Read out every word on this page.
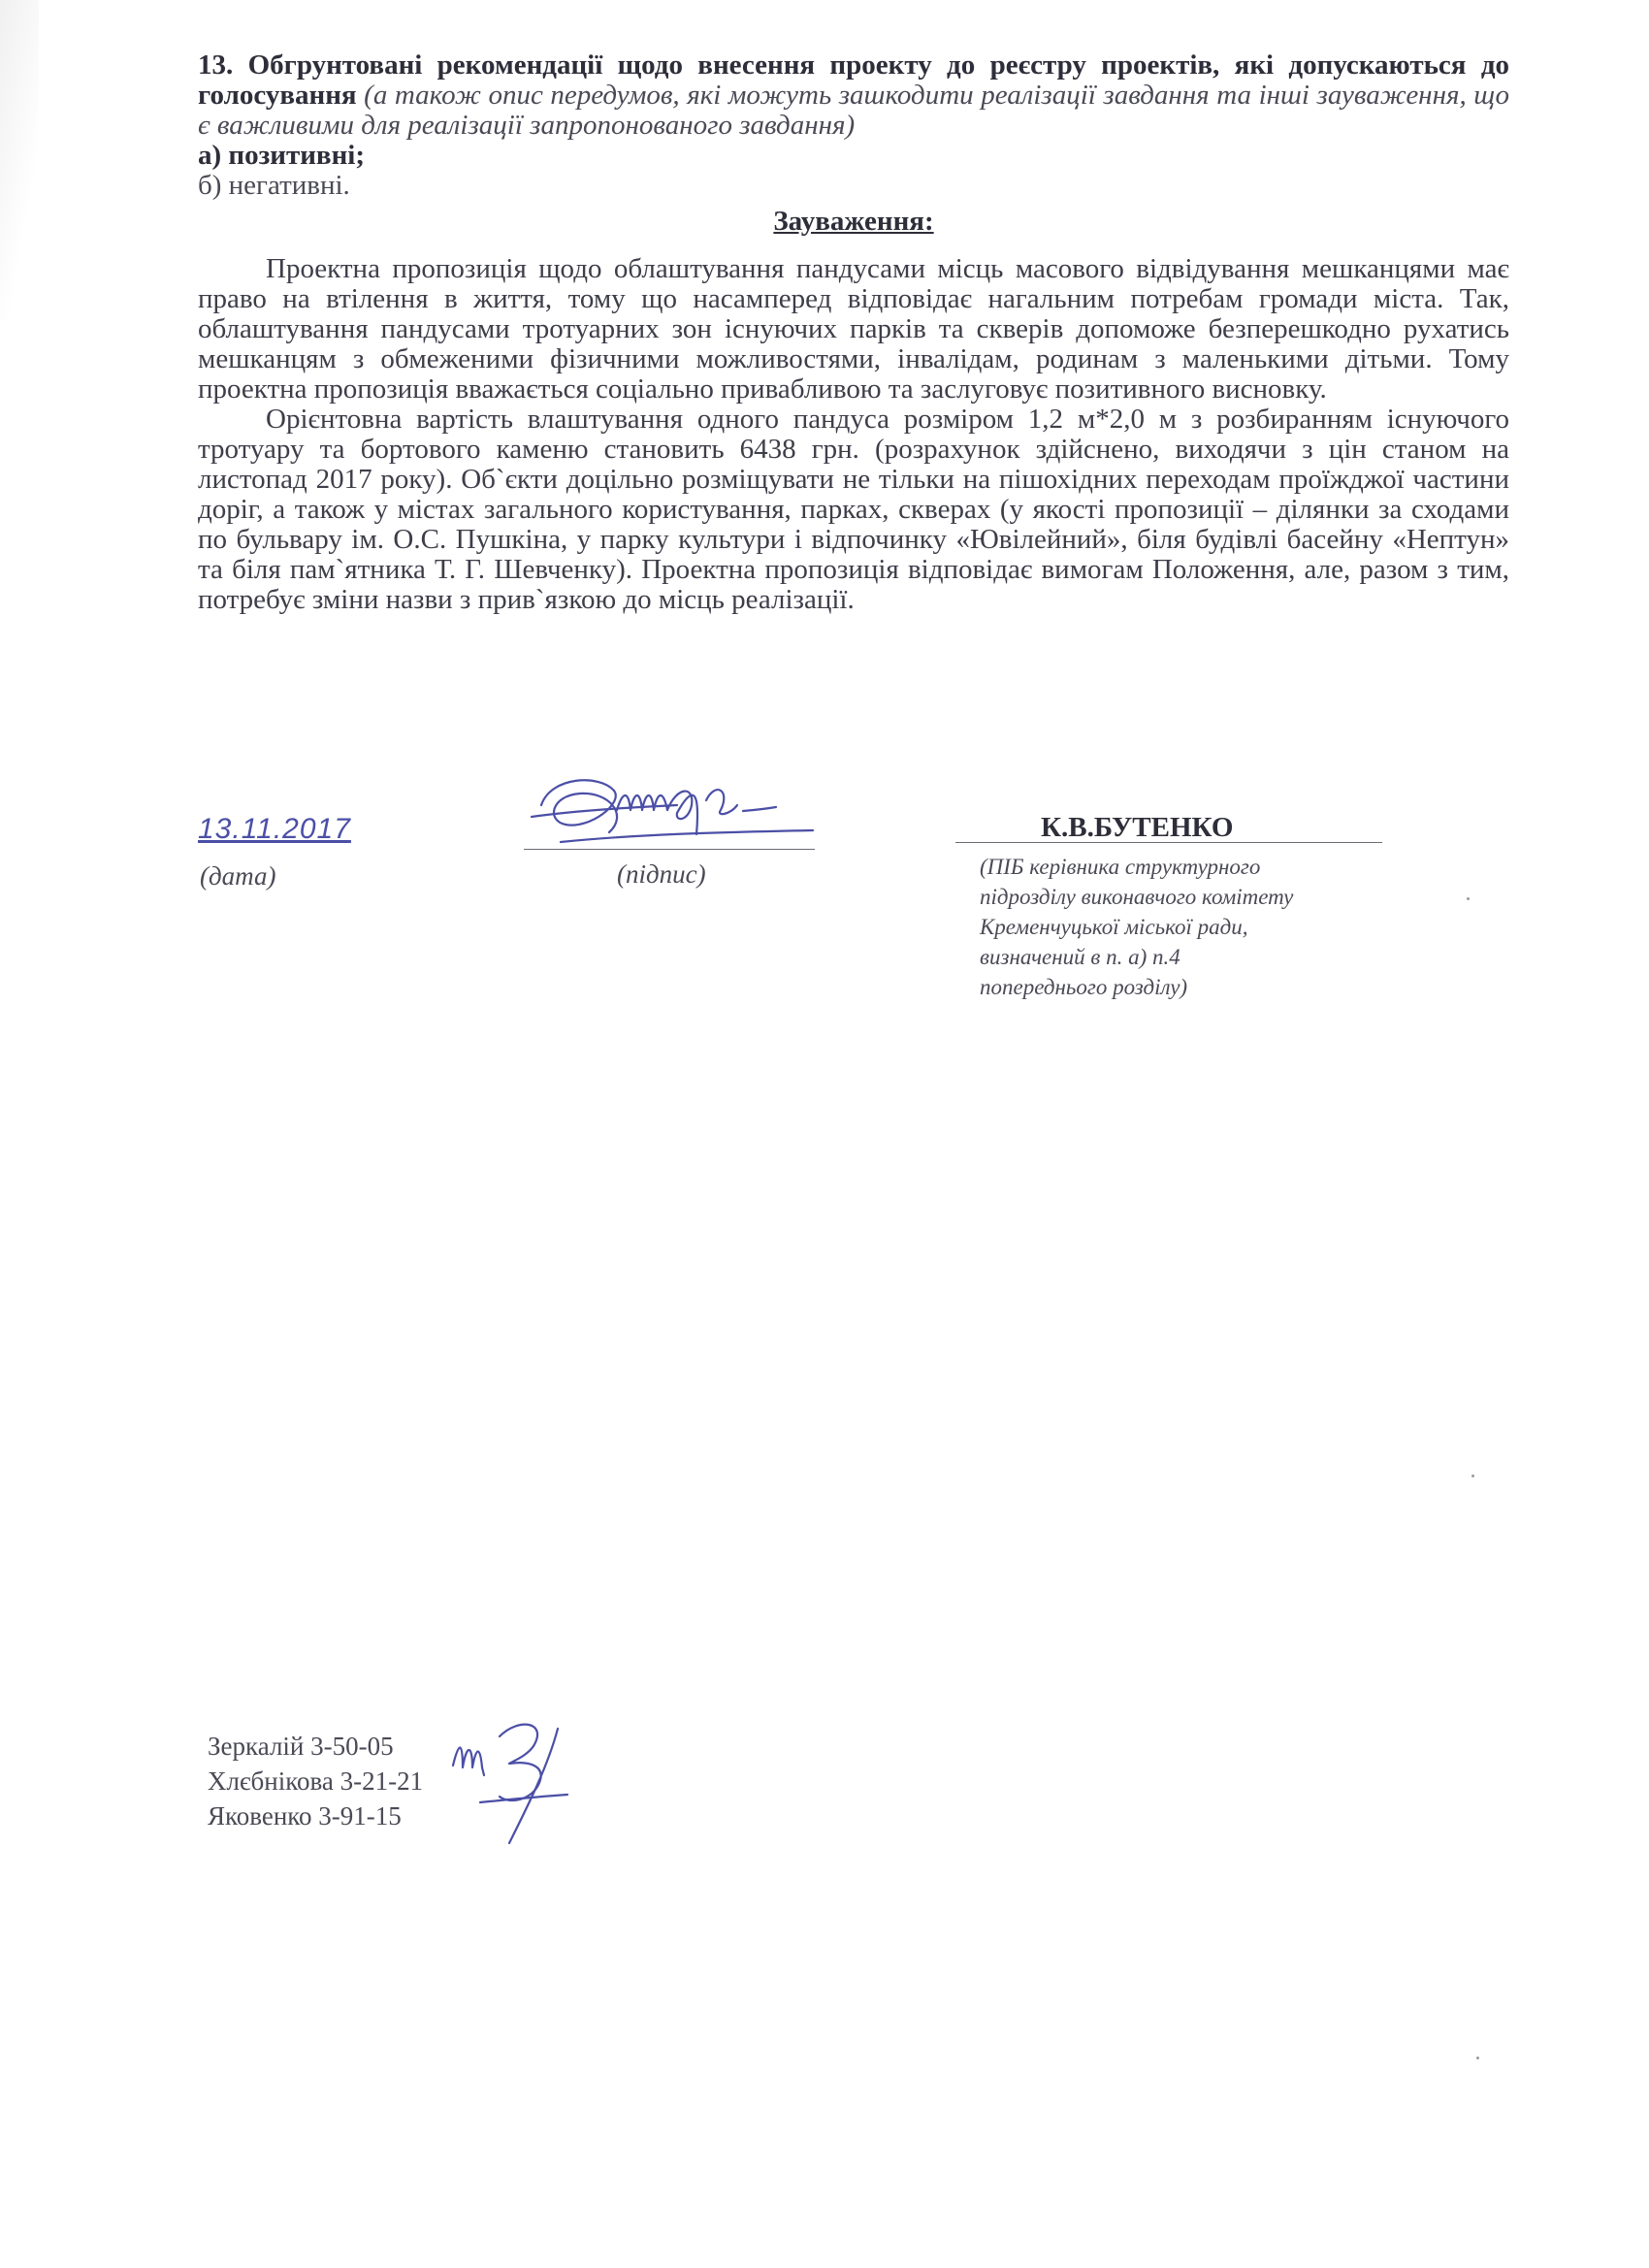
13. Обгрунтовані рекомендації щодо внесення проекту до реєстру проектів, які допускаються до голосування (а також опис передумов, які можуть зашкодити реалізації завдання та інші зауваження, що є важливими для реалізації запропонованого завдання)

а) позитивні;

б) негативні.

Зауваження:

Проектна пропозиція щодо облаштування пандусами місць масового відвідування мешканцями має право на втілення в життя, тому що насамперед відповідає нагальним потребам громади міста. Так, облаштування пандусами тротуарних зон існуючих парків та скверів допоможе безперешкодно рухатись мешканцям з обмеженими фізичними можливостями, інвалідам, родинам з маленькими дітьми. Тому проектна пропозиція вважається соціально привабливою та заслуговує позитивного висновку.

Орієнтовна вартість влаштування одного пандуса розміром 1,2 м*2,0 м з розбиранням існуючого тротуару та бортового каменю становить 6438 грн. (розрахунок здійснено, виходячи з цін станом на листопад 2017 року). Об`єкти доцільно розміщувати не тільки на пішохідних переходам проїжджої частини доріг, а також у містах загального користування, парках, скверах (у якості пропозиції – ділянки за сходами по бульвару ім. О.С. Пушкіна, у парку культури і відпочинку «Ювілейний», біля будівлі басейну «Нептун» та біля пам`ятника Т. Г. Шевченку). Проектна пропозиція відповідає вимогам Положення, але, разом з тим, потребує зміни назви з прив`язкою до місць реалізації.

13.11.2017
(дата)	(підпис)
К.В.БУТЕНКО
(ПІБ керівника структурного
підрозділу виконавчого комітету
Кременчуцької міської ради,
визначений в п. а) п.4
попереднього розділу)
Зеркалій 3-50-05
Хлєбнікова 3-21-21
Яковенко 3-91-15
